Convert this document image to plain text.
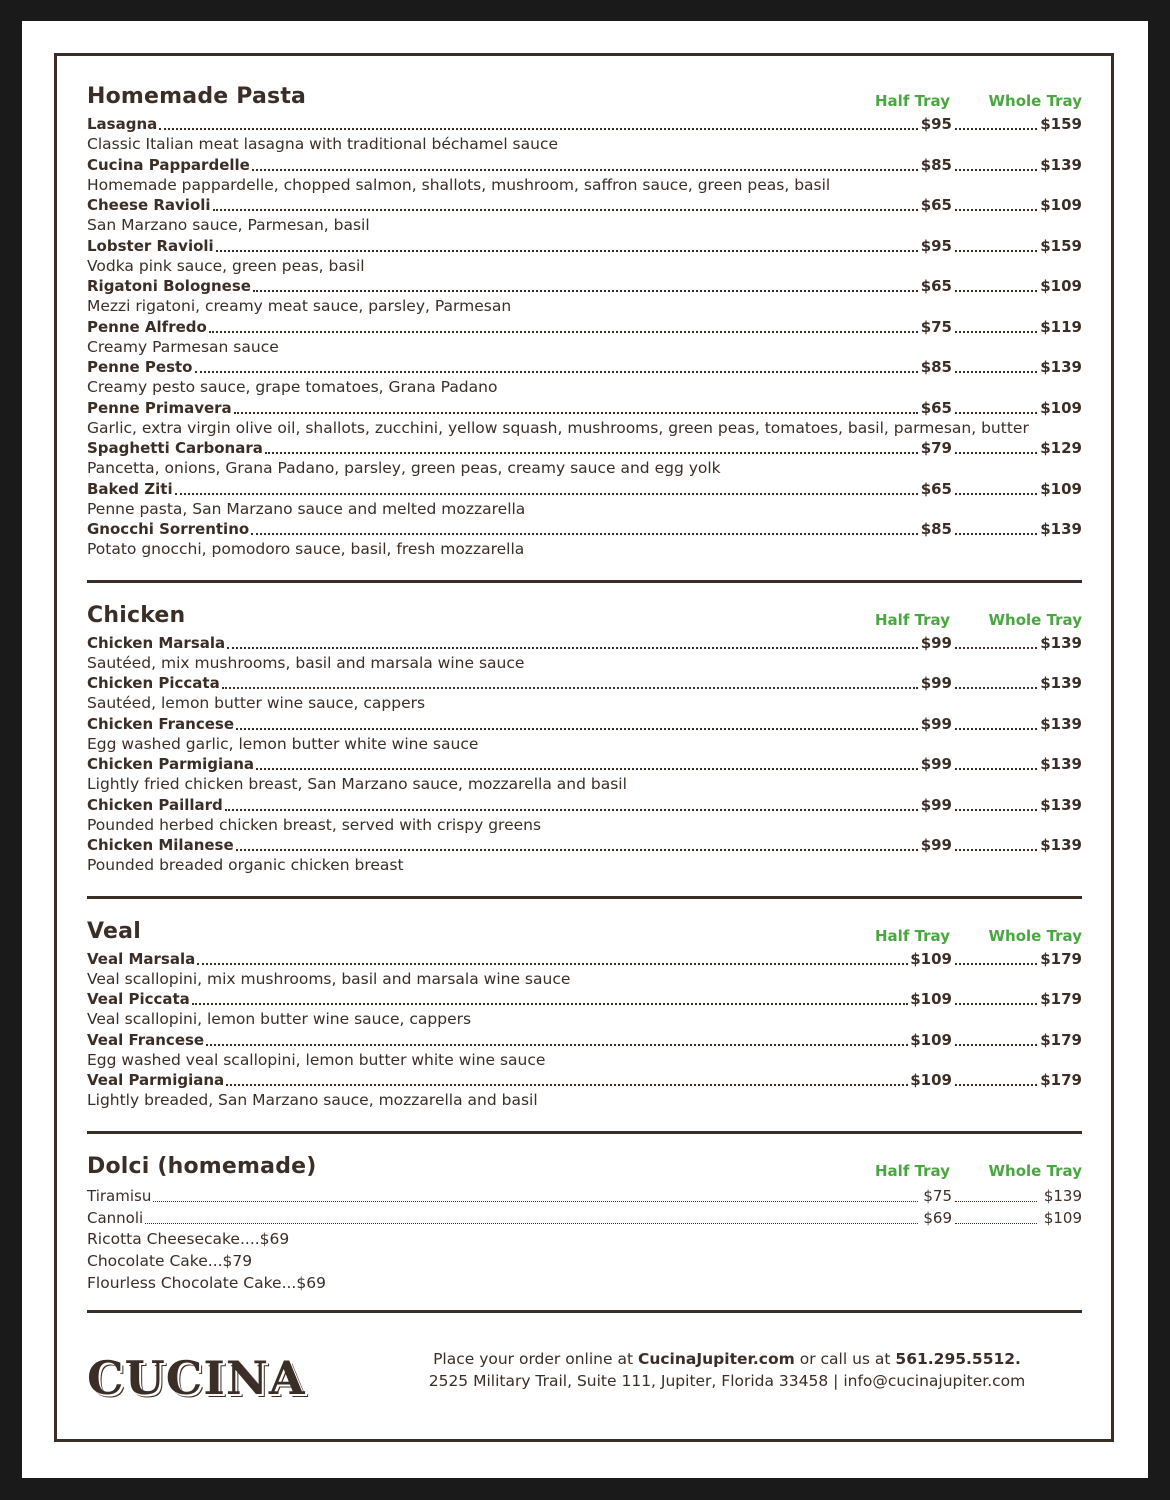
Homemade Pasta	Half Tray	Whole Tray
Lasagna	$95	$159
Classic Italian meat lasagna with traditional béchamel sauce
Cucina Pappardelle	$85	$139
Homemade pappardelle, chopped salmon, shallots, mushroom, saffron sauce, green peas, basil
Cheese Ravioli	$65	$109
San Marzano sauce, Parmesan, basil
Lobster Ravioli	$95	$159
Vodka pink sauce, green peas, basil
Rigatoni Bolognese	$65	$109
Mezzi rigatoni, creamy meat sauce, parsley, Parmesan
Penne Alfredo	$75	$119
Creamy Parmesan sauce
Penne Pesto	$85	$139
Creamy pesto sauce, grape tomatoes, Grana Padano
Penne Primavera	$65	$109
Garlic, extra virgin olive oil, shallots, zucchini, yellow squash, mushrooms, green peas, tomatoes, basil, parmesan, butter
Spaghetti Carbonara	$79	$129
Pancetta, onions, Grana Padano, parsley, green peas, creamy sauce and egg yolk
Baked Ziti	$65	$109
Penne pasta, San Marzano sauce and melted mozzarella
Gnocchi Sorrentino	$85	$139
Potato gnocchi, pomodoro sauce, basil, fresh mozzarella
Chicken	Half Tray	Whole Tray
Chicken Marsala	$99	$139
Sautéed, mix mushrooms, basil and marsala wine sauce
Chicken Piccata	$99	$139
Sautéed, lemon butter wine sauce, cappers
Chicken Francese	$99	$139
Egg washed garlic, lemon butter white wine sauce
Chicken Parmigiana	$99	$139
Lightly fried chicken breast, San Marzano sauce, mozzarella and basil
Chicken Paillard	$99	$139
Pounded herbed chicken breast, served with crispy greens
Chicken Milanese	$99	$139
Pounded breaded organic chicken breast
Veal	Half Tray	Whole Tray
Veal Marsala	$109	$179
Veal scallopini, mix mushrooms, basil and marsala wine sauce
Veal Piccata	$109	$179
Veal scallopini, lemon butter wine sauce, cappers
Veal Francese	$109	$179
Egg washed veal scallopini, lemon butter white wine sauce
Veal Parmigiana	$109	$179
Lightly breaded, San Marzano sauce, mozzarella and basil
Dolci (homemade)	Half Tray	Whole Tray
Tiramisu	$75	$139
Cannoli	$69	$109
Ricotta Cheesecake....$69
Chocolate Cake...$79
Flourless Chocolate Cake...$69
CUCINA	Place your order online at CucinaJupiter.com or call us at 561.295.5512.
2525 Military Trail, Suite 111, Jupiter, Florida 33458 | info@cucinajupiter.com
